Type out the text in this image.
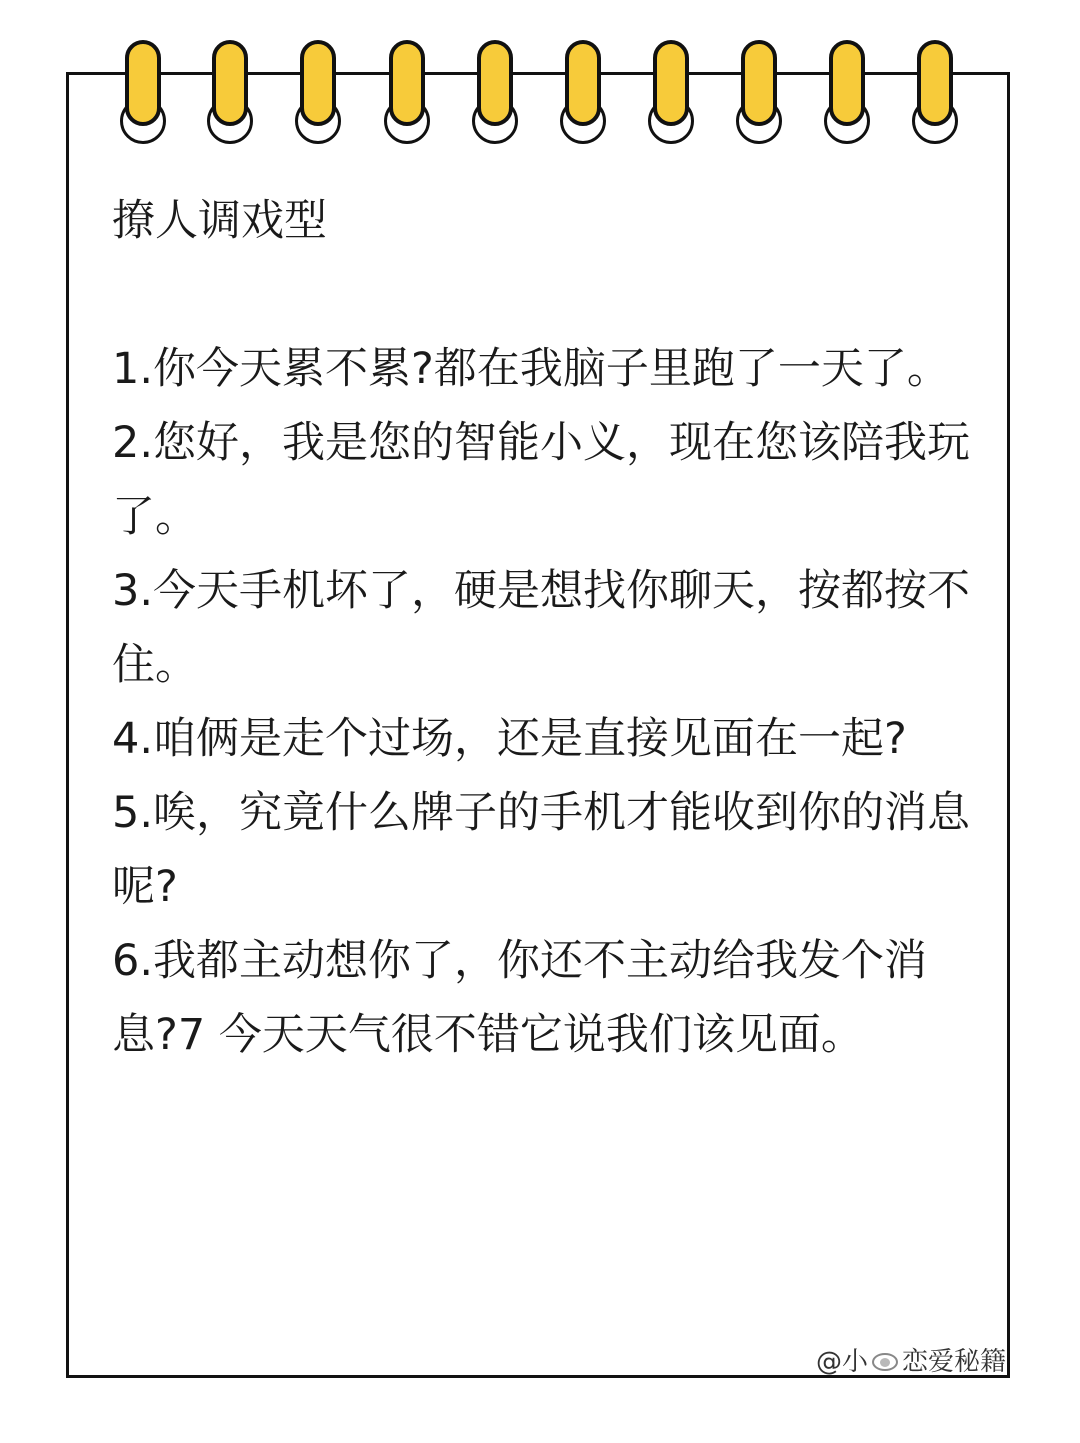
撩人调戏型

1.你今天累不累?都在我脑子里跑了一天了。

2.您好，我是您的智能小义，现在您该陪我玩了。

3.今天手机坏了，硬是想找你聊天，按都按不住。

4.咱俩是走个过场，还是直接见面在一起?

5.唉，究竟什么牌子的手机才能收到你的消息呢?

6.我都主动想你了，你还不主动给我发个消息?7 今天天气很不错它说我们该见面。

@小 恋爱秘籍
